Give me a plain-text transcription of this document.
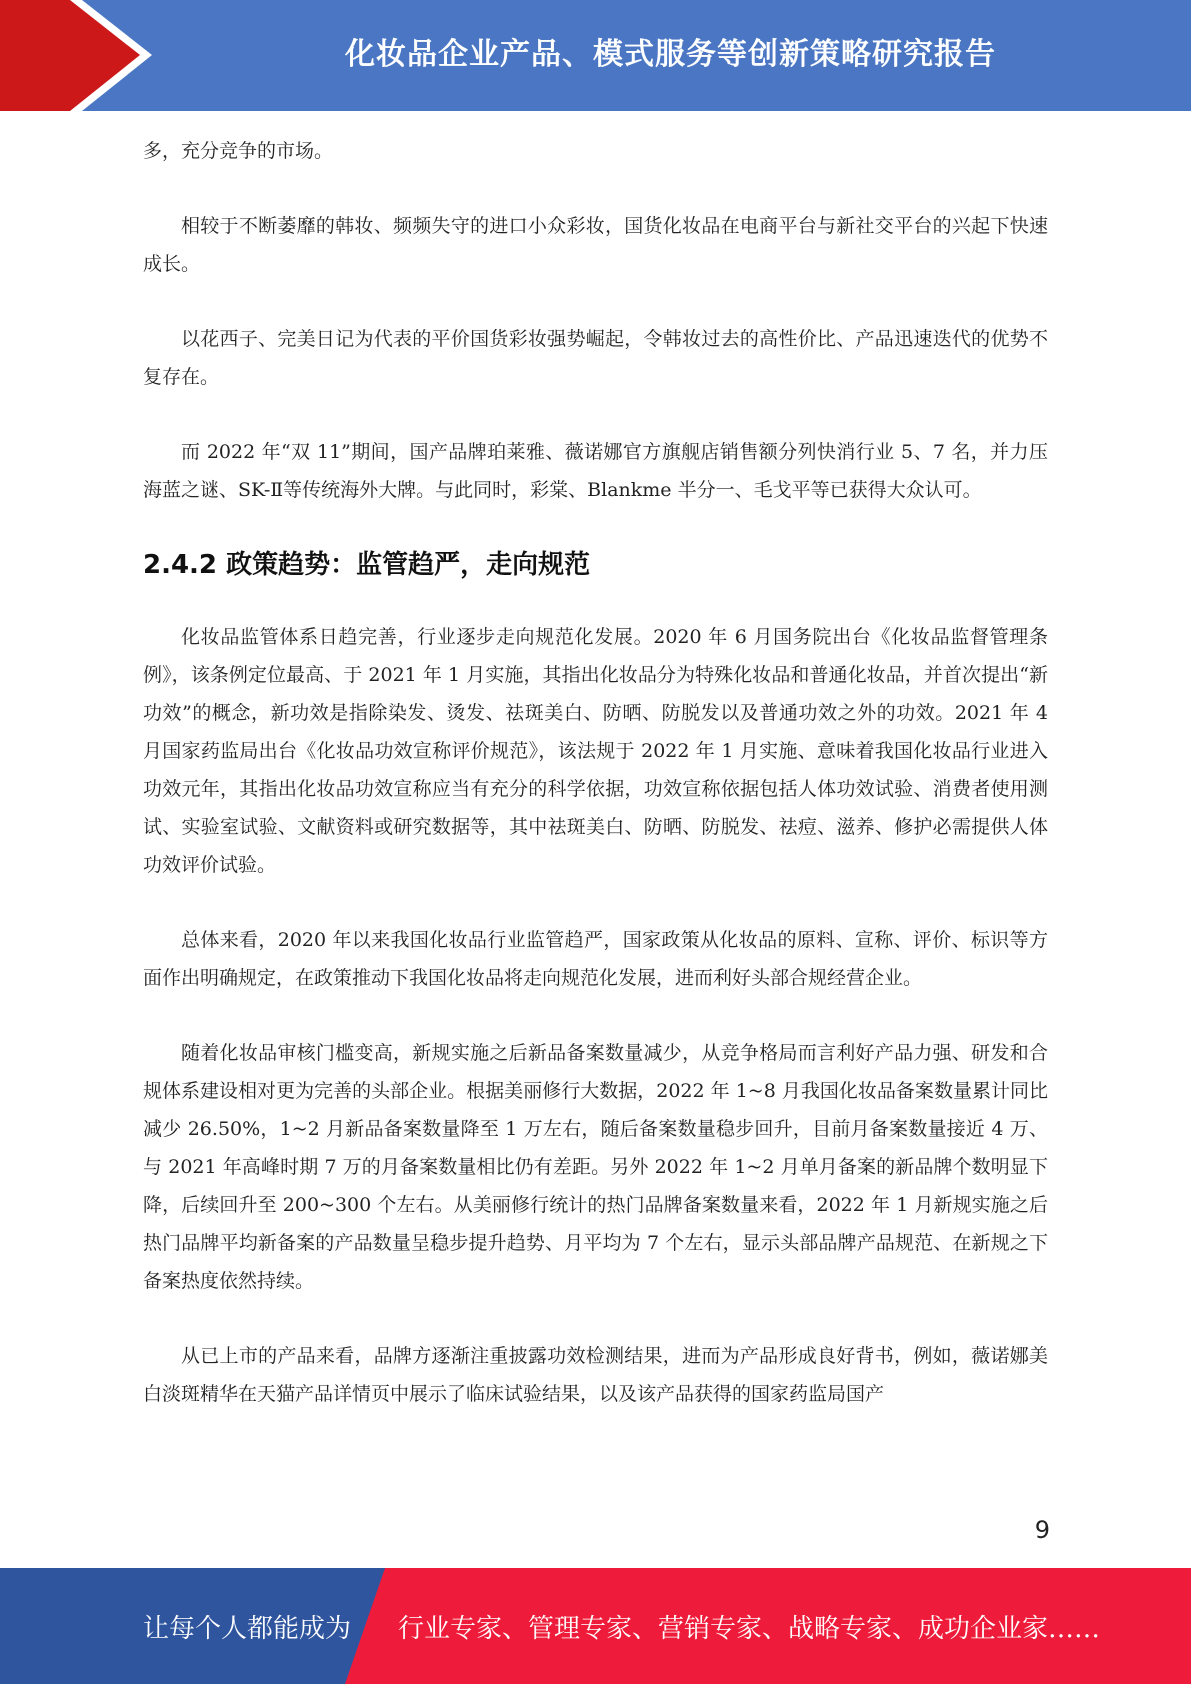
化妆品企业产品、模式服务等创新策略研究报告

多，充分竞争的市场。

相较于不断萎靡的韩妆、频频失守的进口小众彩妆，国货化妆品在电商平台与新社交平台的兴起下快速成长。

以花西子、完美日记为代表的平价国货彩妆强势崛起，令韩妆过去的高性价比、产品迅速迭代的优势不复存在。

而 2022 年“双 11”期间，国产品牌珀莱雅、薇诺娜官方旗舰店销售额分列快消行业 5、7 名，并力压海蓝之谜、SK-Ⅱ等传统海外大牌。与此同时，彩棠、Blankme 半分一、毛戈平等已获得大众认可。

2.4.2 政策趋势：监管趋严，走向规范

化妆品监管体系日趋完善，行业逐步走向规范化发展。2020 年 6 月国务院出台《化妆品监督管理条例》，该条例定位最高、于 2021 年 1 月实施，其指出化妆品分为特殊化妆品和普通化妆品，并首次提出“新功效”的概念，新功效是指除染发、烫发、祛斑美白、防晒、防脱发以及普通功效之外的功效。2021 年 4 月国家药监局出台《化妆品功效宣称评价规范》，该法规于 2022 年 1 月实施、意味着我国化妆品行业进入功效元年，其指出化妆品功效宣称应当有充分的科学依据，功效宣称依据包括人体功效试验、消费者使用测试、实验室试验、文献资料或研究数据等，其中祛斑美白、防晒、防脱发、祛痘、滋养、修护必需提供人体功效评价试验。

总体来看，2020 年以来我国化妆品行业监管趋严，国家政策从化妆品的原料、宣称、评价、标识等方面作出明确规定，在政策推动下我国化妆品将走向规范化发展，进而利好头部合规经营企业。

随着化妆品审核门槛变高，新规实施之后新品备案数量减少，从竞争格局而言利好产品力强、研发和合规体系建设相对更为完善的头部企业。根据美丽修行大数据，2022 年 1~8 月我国化妆品备案数量累计同比减少 26.50%，1~2 月新品备案数量降至 1 万左右，随后备案数量稳步回升，目前月备案数量接近 4 万、与 2021 年高峰时期 7 万的月备案数量相比仍有差距。另外 2022 年 1~2 月单月备案的新品牌个数明显下降，后续回升至 200~300 个左右。从美丽修行统计的热门品牌备案数量来看，2022 年 1 月新规实施之后热门品牌平均新备案的产品数量呈稳步提升趋势、月平均为 7 个左右，显示头部品牌产品规范、在新规之下备案热度依然持续。

从已上市的产品来看，品牌方逐渐注重披露功效检测结果，进而为产品形成良好背书，例如，薇诺娜美白淡斑精华在天猫产品详情页中展示了临床试验结果，以及该产品获得的国家药监局国产

9
让每个人都能成为 行业专家、管理专家、营销专家、战略专家、成功企业家……
